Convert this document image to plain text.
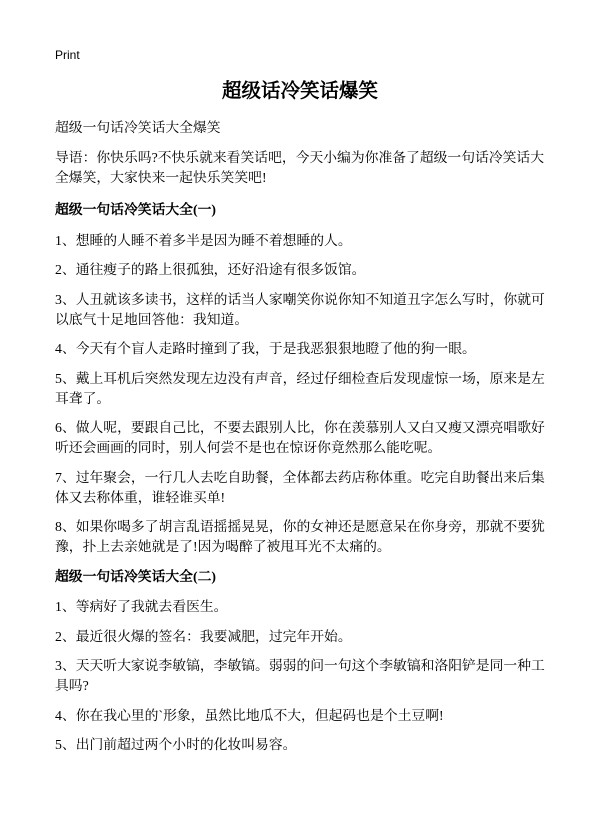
Print
超级话冷笑话爆笑

超级一句话冷笑话大全爆笑

导语：你快乐吗?不快乐就来看笑话吧，今天小编为你准备了超级一句话冷笑话大全爆笑，大家快来一起快乐笑笑吧!

超级一句话冷笑话大全(一)

1、想睡的人睡不着多半是因为睡不着想睡的人。

2、通往瘦子的路上很孤独，还好沿途有很多饭馆。

3、人丑就该多读书，这样的话当人家嘲笑你说你知不知道丑字怎么写时，你就可以底气十足地回答他：我知道。

4、今天有个盲人走路时撞到了我，于是我恶狠狠地瞪了他的狗一眼。

5、戴上耳机后突然发现左边没有声音，经过仔细检查后发现虚惊一场，原来是左耳聋了。

6、做人呢，要跟自己比，不要去跟别人比，你在羡慕别人又白又瘦又漂亮唱歌好听还会画画的同时，别人何尝不是也在惊讶你竟然那么能吃呢。

7、过年聚会，一行几人去吃自助餐，全体都去药店称体重。吃完自助餐出来后集体又去称体重，谁轻谁买单!

8、如果你喝多了胡言乱语摇摇晃晃，你的女神还是愿意呆在你身旁，那就不要犹豫，扑上去亲她就是了!因为喝醉了被甩耳光不太痛的。

超级一句话冷笑话大全(二)

1、等病好了我就去看医生。

2、最近很火爆的签名：我要减肥，过完年开始。

3、天天听大家说李敏镐，李敏镐。弱弱的问一句这个李敏镐和洛阳铲是同一种工具吗?

4、你在我心里的`形象，虽然比地瓜不大，但起码也是个土豆啊!

5、出门前超过两个小时的化妆叫易容。
